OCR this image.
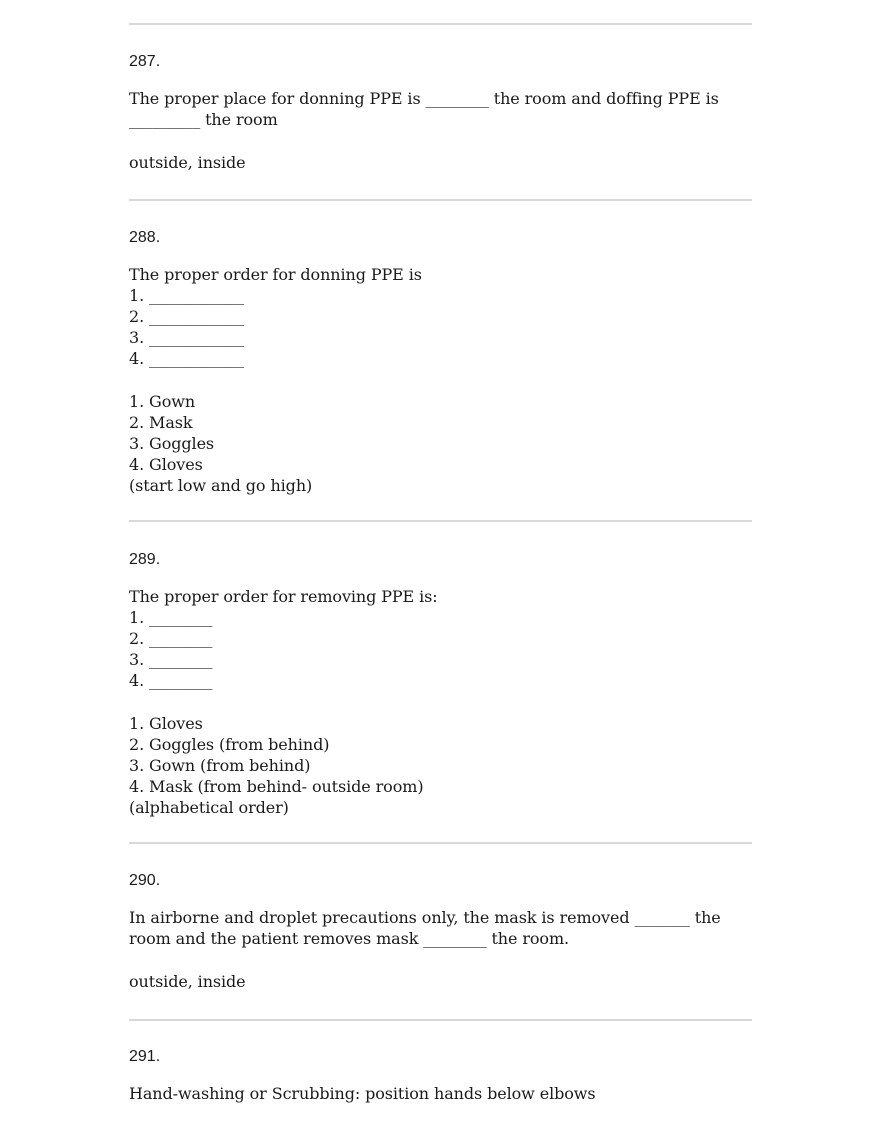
287.
The proper place for donning PPE is ________ the room and doffing PPE is
_________ the room
outside, inside
288.
The proper order for donning PPE is
1. ____________
2. ____________
3. ____________
4. ____________
1. Gown
2. Mask
3. Goggles
4. Gloves
(start low and go high)
289.
The proper order for removing PPE is:
1. ________
2. ________
3. ________
4. ________
1. Gloves
2. Goggles (from behind)
3. Gown (from behind)
4. Mask (from behind- outside room)
(alphabetical order)
290.
In airborne and droplet precautions only, the mask is removed _______ the
room and the patient removes mask ________ the room.
outside, inside
291.
Hand-washing or Scrubbing: position hands below elbows
